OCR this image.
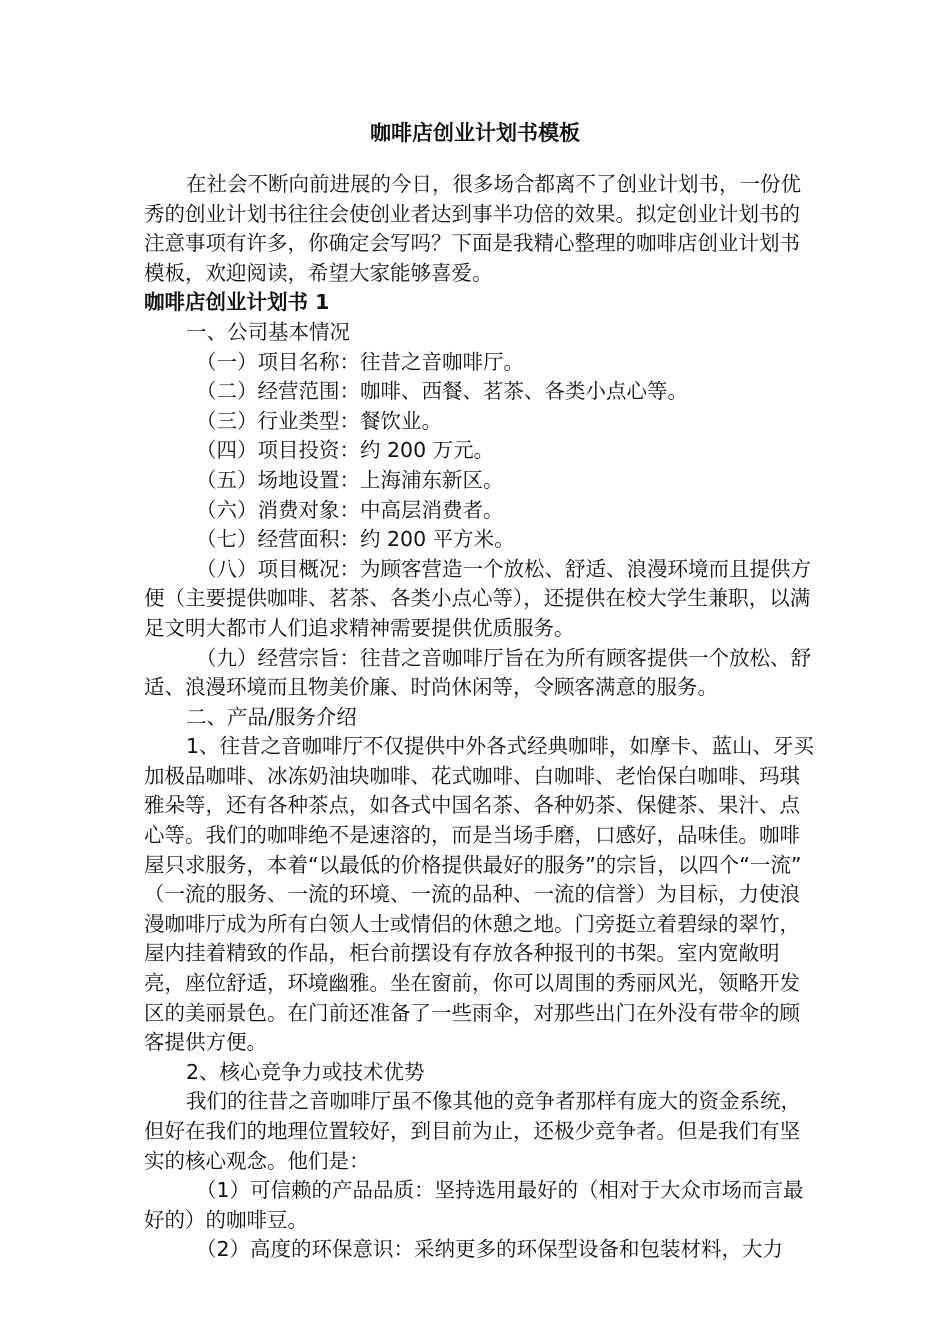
咖啡店创业计划书模板

在社会不断向前进展的今日，很多场合都离不了创业计划书，一份优秀的创业计划书往往会使创业者达到事半功倍的效果。拟定创业计划书的注意事项有许多，你确定会写吗？下面是我精心整理的咖啡店创业计划书模板，欢迎阅读，希望大家能够喜爱。

咖啡店创业计划书 1

一、公司基本情况

（一）项目名称：往昔之音咖啡厅。

（二）经营范围：咖啡、西餐、茗茶、各类小点心等。

（三）行业类型：餐饮业。

（四）项目投资：约 200 万元。

（五）场地设置：上海浦东新区。

（六）消费对象：中高层消费者。

（七）经营面积：约 200 平方米。

（八）项目概况：为顾客营造一个放松、舒适、浪漫环境而且提供方便（主要提供咖啡、茗茶、各类小点心等），还提供在校大学生兼职，以满足文明大都市人们追求精神需要提供优质服务。

（九）经营宗旨：往昔之音咖啡厅旨在为所有顾客提供一个放松、舒适、浪漫环境而且物美价廉、时尚休闲等，令顾客满意的服务。

二、产品/服务介绍

1、往昔之音咖啡厅不仅提供中外各式经典咖啡，如摩卡、蓝山、牙买加极品咖啡、冰冻奶油块咖啡、花式咖啡、白咖啡、老怡保白咖啡、玛琪雅朵等，还有各种茶点，如各式中国名茶、各种奶茶、保健茶、果汁、点心等。我们的咖啡绝不是速溶的，而是当场手磨，口感好，品味佳。咖啡屋只求服务，本着“以最低的价格提供最好的服务”的宗旨，以四个“一流” （一流的服务、一流的环境、一流的品种、一流的信誉）为目标，力使浪漫咖啡厅成为所有白领人士或情侣的休憩之地。门旁挺立着碧绿的翠竹，屋内挂着精致的作品，柜台前摆设有存放各种报刊的书架。室内宽敞明亮，座位舒适，环境幽雅。坐在窗前，你可以周围的秀丽风光，领略开发区的美丽景色。在门前还准备了一些雨伞，对那些出门在外没有带伞的顾客提供方便。

2、核心竞争力或技术优势

我们的往昔之音咖啡厅虽不像其他的竞争者那样有庞大的资金系统，但好在我们的地理位置较好，到目前为止，还极少竞争者。但是我们有坚实的核心观念。他们是：

（1）可信赖的产品品质：坚持选用最好的（相对于大众市场而言最好的）的咖啡豆。

（2）高度的环保意识：采纳更多的环保型设备和包装材料，大力
